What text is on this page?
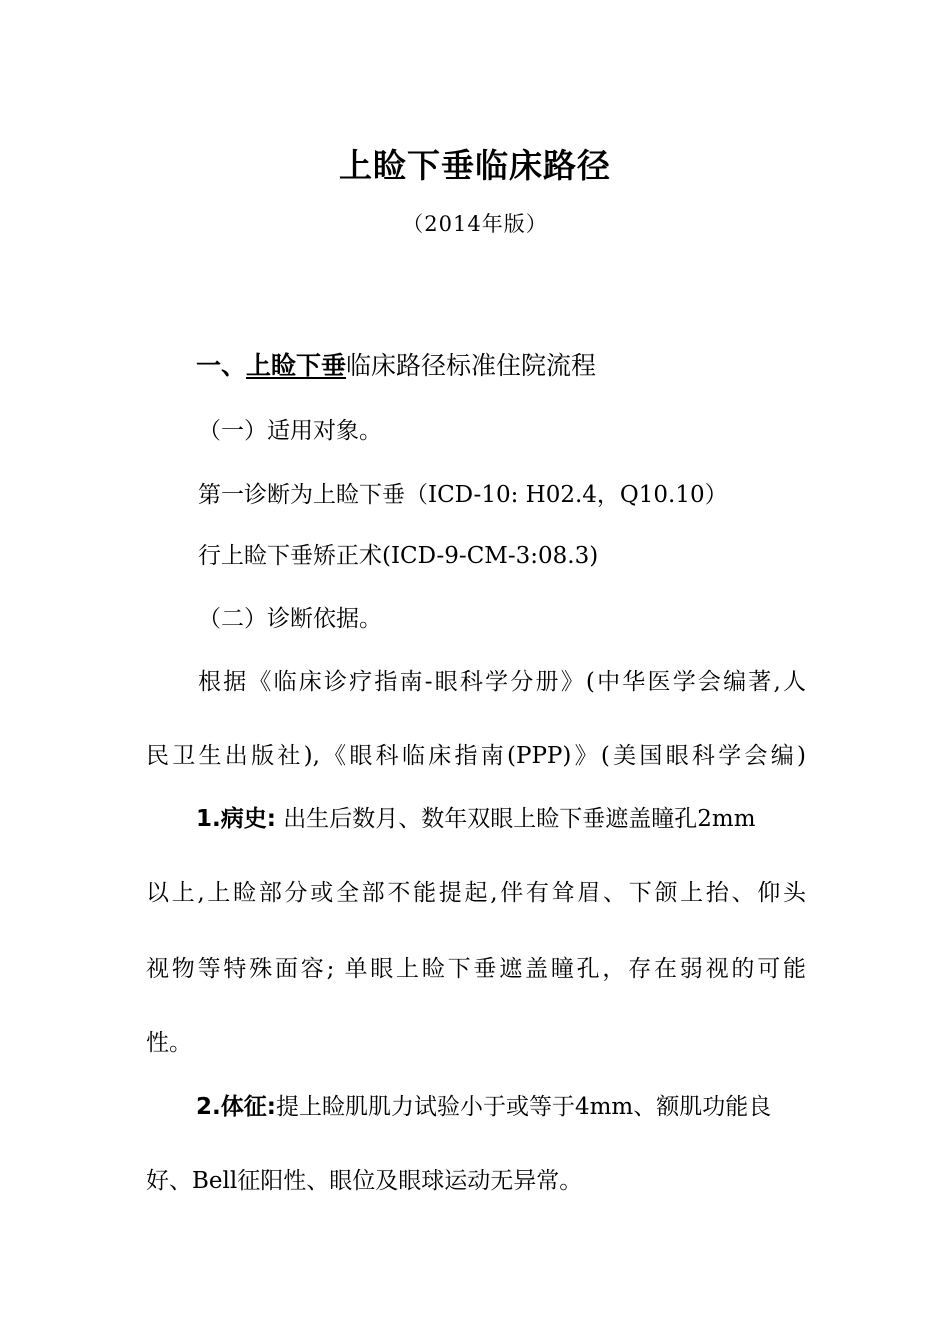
上睑下垂临床路径
（2014年版）
一、上睑下垂临床路径标准住院流程
（一）适用对象。
第一诊断为上睑下垂（ICD-10: H02.4，Q10.10）
行上睑下垂矫正术(ICD-9-CM-3:08.3)
（二）诊断依据。
根据《临床诊疗指南-眼科学分册》(中华医学会编著,人
民卫生出版社),《眼科临床指南(PPP)》(美国眼科学会编)
1.病史: 出生后数月、数年双眼上睑下垂遮盖瞳孔2mm
以上,上睑部分或全部不能提起,伴有耸眉、下颌上抬、仰头
视物等特殊面容; 单眼上睑下垂遮盖瞳孔，存在弱视的可能
性。
2.体征:提上睑肌肌力试验小于或等于4mm、额肌功能良
好、Bell征阳性、眼位及眼球运动无异常。
